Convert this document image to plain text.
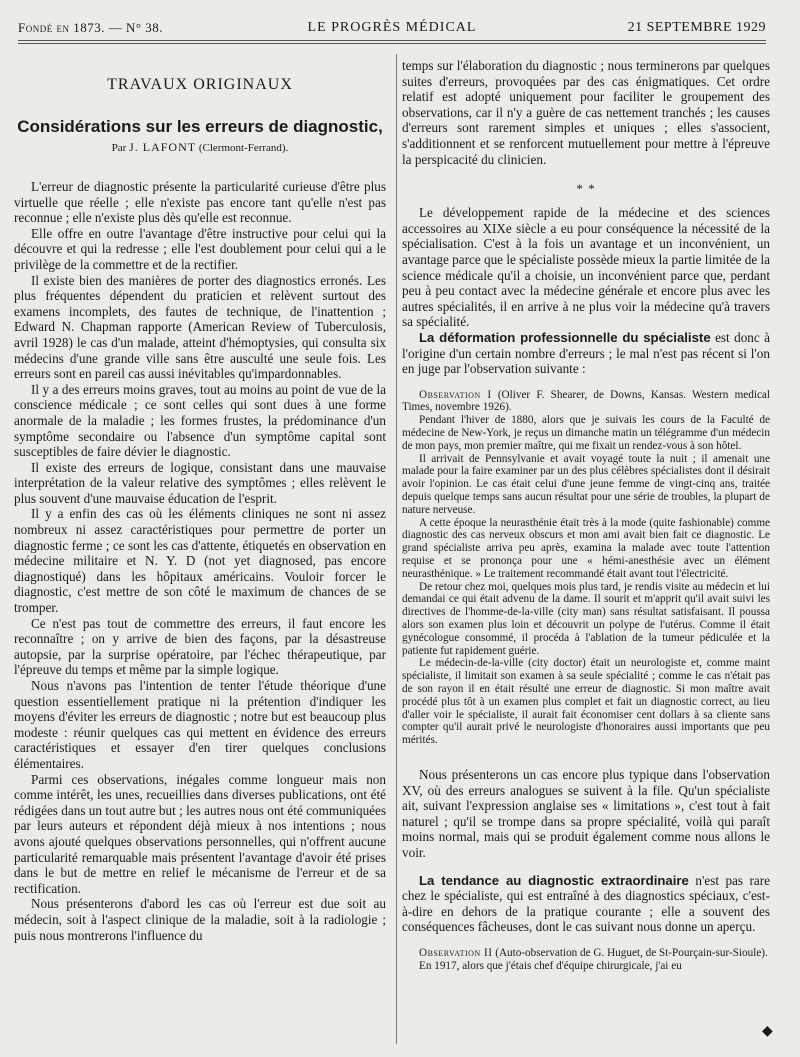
Fondé en 1873. — N° 38.	LE PROGRÈS MÉDICAL	21 SEPTEMBRE 1929
TRAVAUX ORIGINAUX
Considérations sur les erreurs de diagnostic,
Par J. LAFONT (Clermont-Ferrand).

L'erreur de diagnostic présente la particularité curieuse d'être plus virtuelle que réelle ; elle n'existe pas encore tant qu'elle n'est pas reconnue ; elle n'existe plus dès qu'elle est reconnue.

Elle offre en outre l'avantage d'être instructive pour celui qui la découvre et qui la redresse ; elle l'est doublement pour celui qui a le privilège de la commettre et de la rectifier.

Il existe bien des manières de porter des diagnostics erronés. Les plus fréquentes dépendent du praticien et relèvent surtout des examens incomplets, des fautes de technique, de l'inattention ; Edward N. Chapman rapporte (American Review of Tuberculosis, avril 1928) le cas d'un malade, atteint d'hémoptysies, qui consulta six médecins d'une grande ville sans être ausculté une seule fois. Les erreurs sont en pareil cas aussi inévitables qu'impardonnables.

Il y a des erreurs moins graves, tout au moins au point de vue de la conscience médicale ; ce sont celles qui sont dues à une forme anormale de la maladie ; les formes frustes, la prédominance d'un symptôme secondaire ou l'absence d'un symptôme capital sont susceptibles de faire dévier le diagnostic.

Il existe des erreurs de logique, consistant dans une mauvaise interprétation de la valeur relative des symptômes ; elles relèvent le plus souvent d'une mauvaise éducation de l'esprit.

Il y a enfin des cas où les éléments cliniques ne sont ni assez nombreux ni assez caractéristiques pour permettre de porter un diagnostic ferme ; ce sont les cas d'attente, étiquetés en observation en médecine militaire et N. Y. D (not yet diagnosed, pas encore diagnostiqué) dans les hôpitaux américains. Vouloir forcer le diagnostic, c'est mettre de son côté le maximum de chances de se tromper.

Ce n'est pas tout de commettre des erreurs, il faut encore les reconnaître ; on y arrive de bien des façons, par la désastreuse autopsie, par la surprise opératoire, par l'échec thérapeutique, par l'épreuve du temps et même par la simple logique.

Nous n'avons pas l'intention de tenter l'étude théorique d'une question essentiellement pratique ni la prétention d'indiquer les moyens d'éviter les erreurs de diagnostic ; notre but est beaucoup plus modeste : réunir quelques cas qui mettent en évidence des erreurs caractéristiques et essayer d'en tirer quelques conclusions élémentaires.

Parmi ces observations, inégales comme longueur mais non comme intérêt, les unes, recueillies dans diverses publications, ont été rédigées dans un tout autre but ; les autres nous ont été communiquées par leurs auteurs et répondent déjà mieux à nos intentions ; nous avons ajouté quelques observations personnelles, qui n'offrent aucune particularité remarquable mais présentent l'avantage d'avoir été prises dans le but de mettre en relief le mécanisme de l'erreur et de sa rectification.

Nous présenterons d'abord les cas où l'erreur est due soit au médecin, soit à l'aspect clinique de la maladie, soit à la radiologie ; puis nous montrerons l'influence du

temps sur l'élaboration du diagnostic ; nous terminerons par quelques suites d'erreurs, provoquées par des cas énigmatiques. Cet ordre relatif est adopté uniquement pour faciliter le groupement des observations, car il n'y a guère de cas nettement tranchés ; les causes d'erreurs sont rarement simples et uniques ; elles s'associent, s'additionnent et se renforcent mutuellement pour mettre à l'épreuve la perspicacité du clinicien.

* *

Le développement rapide de la médecine et des sciences accessoires au XIXe siècle a eu pour conséquence la nécessité de la spécialisation. C'est à la fois un avantage et un inconvénient, un avantage parce que le spécialiste possède mieux la partie limitée de la science médicale qu'il a choisie, un inconvénient parce que, perdant peu à peu contact avec la médecine générale et encore plus avec les autres spécialités, il en arrive à ne plus voir la médecine qu'à travers sa spécialité.

La déformation professionnelle du spécialiste est donc à l'origine d'un certain nombre d'erreurs ; le mal n'est pas récent si l'on en juge par l'observation suivante :

Observation I (Oliver F. Shearer, de Downs, Kansas. Western medical Times, novembre 1926).

Pendant l'hiver de 1880, alors que je suivais les cours de la Faculté de médecine de New-York, je reçus un dimanche matin un télégramme d'un médecin de mon pays, mon premier maître, qui me fixait un rendez-vous à son hôtel.

Il arrivait de Pennsylvanie et avait voyagé toute la nuit ; il amenait une malade pour la faire examiner par un des plus célèbres spécialistes dont il désirait avoir l'opinion. Le cas était celui d'une jeune femme de vingt-cinq ans, traitée depuis quelque temps sans aucun résultat pour une série de troubles, la plupart de nature nerveuse.

A cette époque la neurasthénie était très à la mode (quite fashionable) comme diagnostic des cas nerveux obscurs et mon ami avait bien fait ce diagnostic. Le grand spécialiste arriva peu après, examina la malade avec toute l'attention requise et se prononça pour une « hémi-anesthésie avec un élément neurasthénique. » Le traitement recommandé était avant tout l'électricité.

De retour chez moi, quelques mois plus tard, je rendis visite au médecin et lui demandai ce qui était advenu de la dame. Il sourit et m'apprit qu'il avait suivi les directives de l'homme-de-la-ville (city man) sans résultat satisfaisant. Il poussa alors son examen plus loin et découvrit un polype de l'utérus. Comme il était gynécologue consommé, il procéda à l'ablation de la tumeur pédiculée et la patiente fut rapidement guérie.

Le médecin-de-la-ville (city doctor) était un neurologiste et, comme maint spécialiste, il limitait son examen à sa seule spécialité ; comme le cas n'était pas de son rayon il en était résulté une erreur de diagnostic. Si mon maître avait procédé plus tôt à un examen plus complet et fait un diagnostic correct, au lieu d'aller voir le spécialiste, il aurait fait économiser cent dollars à sa cliente sans compter qu'il aurait privé le neurologiste d'honoraires aussi importants que peu mérités.

Nous présenterons un cas encore plus typique dans l'observation XV, où des erreurs analogues se suivent à la file. Qu'un spécialiste ait, suivant l'expression anglaise ses « limitations », c'est tout à fait naturel ; qu'il se trompe dans sa propre spécialité, voilà qui paraît moins normal, mais qui se produit également comme nous allons le voir.

La tendance au diagnostic extraordinaire n'est pas rare chez le spécialiste, qui est entraîné à des diagnostics spéciaux, c'est-à-dire en dehors de la pratique courante ; elle a souvent des conséquences fâcheuses, dont le cas suivant nous donne un aperçu.

Observation II (Auto-observation de G. Huguet, de St-Pourçain-sur-Sioule).

En 1917, alors que j'étais chef d'équipe chirurgicale, j'ai eu

◆
